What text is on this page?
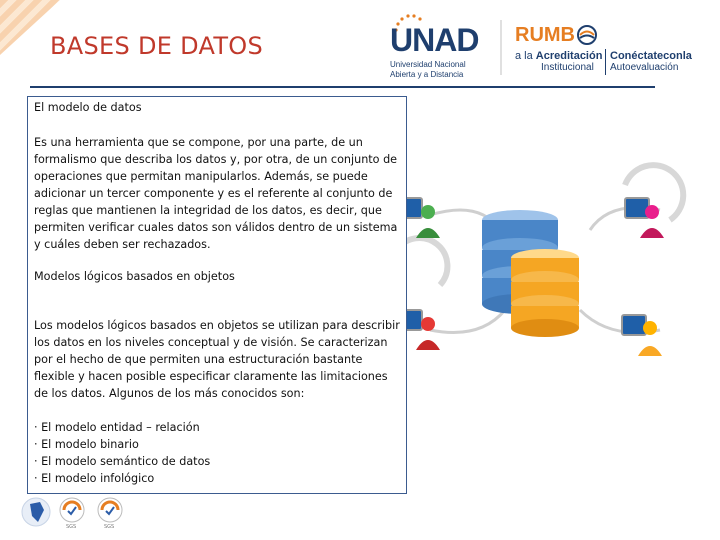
BASES DE DATOS	UNAD
Universidad Nacional
Abierta y a Distancia
RUMB
a la Acreditación
Institucional
Conéctateconla
Autoevaluación

El modelo de datos

Es una herramienta que se compone, por una parte, de un formalismo que describa los datos y, por otra, de un conjunto de operaciones que permitan manipularlos. Además, se puede adicionar un tercer componente y es el referente al conjunto de reglas que mantienen la integridad de los datos, es decir, que permiten verificar cuales datos son válidos dentro de un sistema y cuáles deben ser rechazados.

Modelos lógicos basados en objetos

Los modelos lógicos basados en objetos se utilizan para describir los datos en los niveles conceptual y de visión. Se caracterizan por el hecho de que permiten una estructuración bastante flexible y hacen posible especificar claramente las limitaciones de los datos. Algunos de los más conocidos son:

· El modelo entidad – relación
· El modelo binario
· El modelo semántico de datos
· El modelo infológico
SGS	SGS
